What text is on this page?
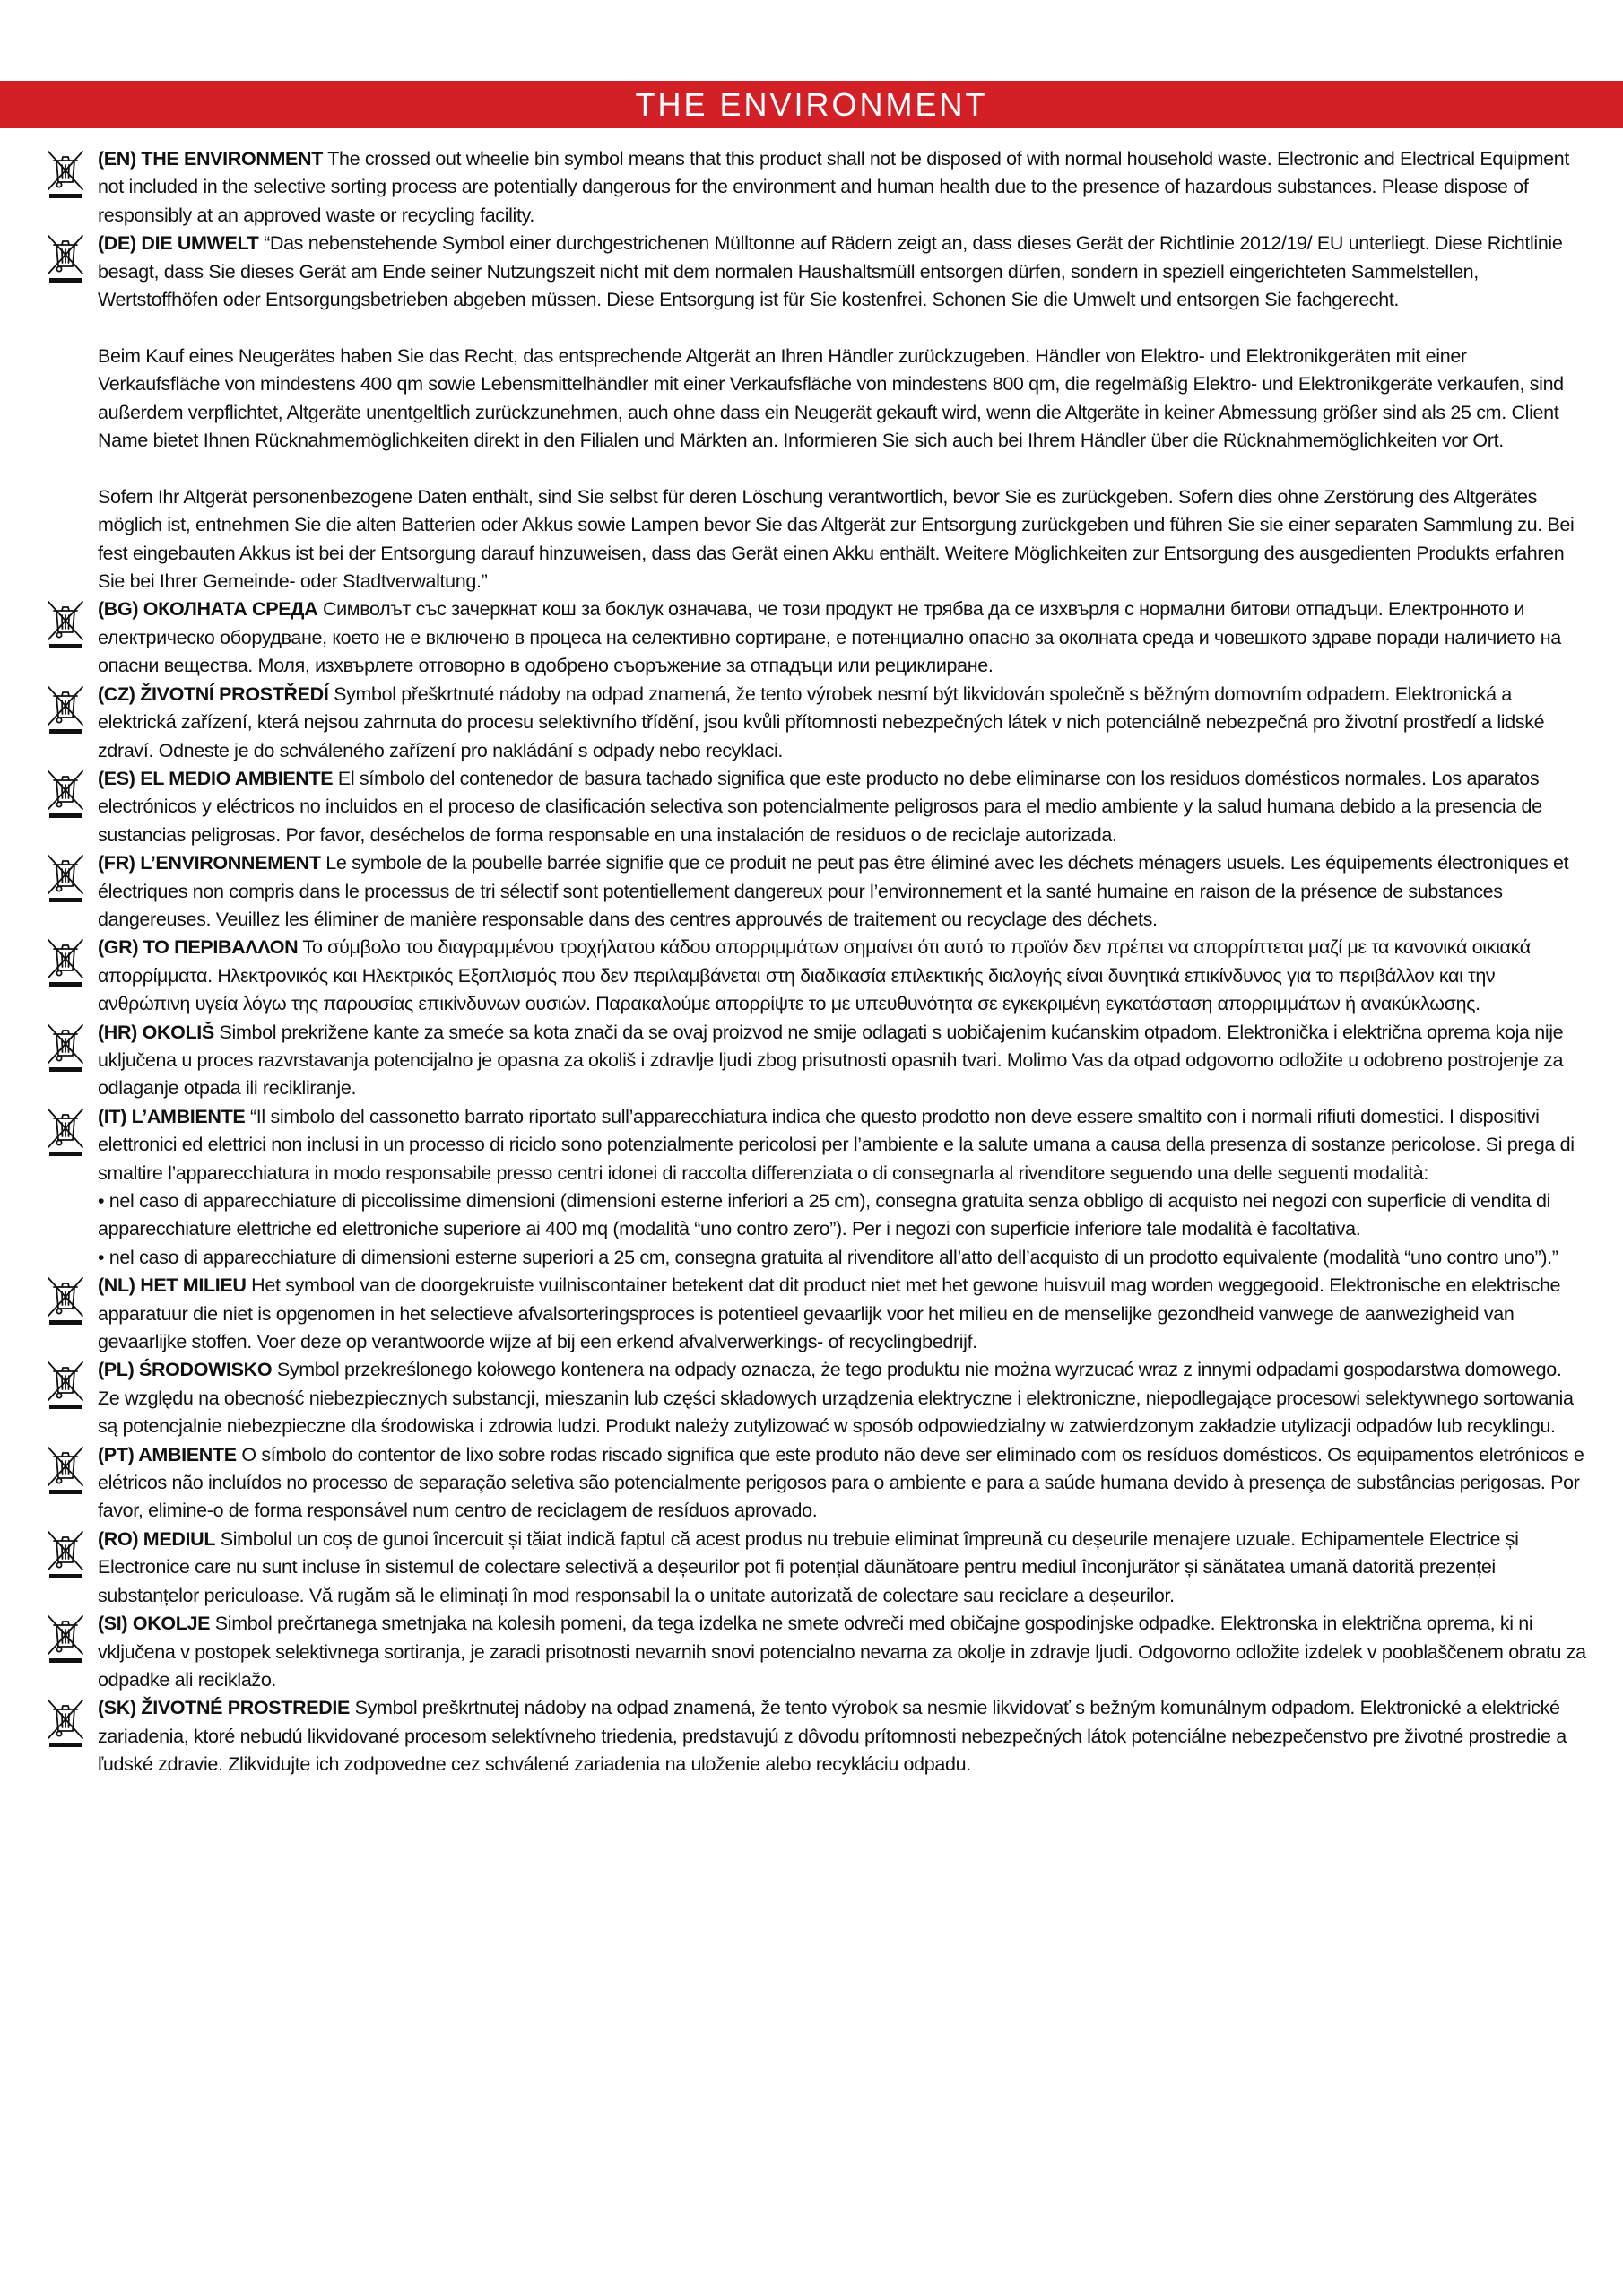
THE ENVIRONMENT

(EN) THE ENVIRONMENT The crossed out wheelie bin symbol means that this product shall not be disposed of with normal household waste. Electronic and Electrical Equipment not included in the selective sorting process are potentially dangerous for the environment and human health due to the presence of hazardous substances. Please dispose of responsibly at an approved waste or recycling facility.

(DE) DIE UMWELT “Das nebenstehende Symbol einer durchgestrichenen Mülltonne auf Rädern zeigt an, dass dieses Gerät der Richtlinie 2012/19/ EU unterliegt. Diese Richtlinie besagt, dass Sie dieses Gerät am Ende seiner Nutzungszeit nicht mit dem normalen Haushaltsmüll entsorgen dürfen, sondern in speziell eingerichteten Sammelstellen, Wertstoffhöfen oder Entsorgungsbetrieben abgeben müssen. Diese Entsorgung ist für Sie kostenfrei. Schonen Sie die Umwelt und entsorgen Sie fachgerecht.

Beim Kauf eines Neugerätes haben Sie das Recht, das entsprechende Altgerät an Ihren Händler zurückzugeben. Händler von Elektro- und Elektronikgeräten mit einer Verkaufsfläche von mindestens 400 qm sowie Lebensmittelhändler mit einer Verkaufsfläche von mindestens 800 qm, die regelmäßig Elektro- und Elektronikgeräte verkaufen, sind außerdem verpflichtet, Altgeräte unentgeltlich zurückzunehmen, auch ohne dass ein Neugerät gekauft wird, wenn die Altgeräte in keiner Abmessung größer sind als 25 cm. Client Name bietet Ihnen Rücknahmemöglichkeiten direkt in den Filialen und Märkten an. Informieren Sie sich auch bei Ihrem Händler über die Rücknahmemöglichkeiten vor Ort.

Sofern Ihr Altgerät personenbezogene Daten enthält, sind Sie selbst für deren Löschung verantwortlich, bevor Sie es zurückgeben. Sofern dies ohne Zerstörung des Altgerätes möglich ist, entnehmen Sie die alten Batterien oder Akkus sowie Lampen bevor Sie das Altgerät zur Entsorgung zurückgeben und führen Sie sie einer separaten Sammlung zu. Bei fest eingebauten Akkus ist bei der Entsorgung darauf hinzuweisen, dass das Gerät einen Akku enthält. Weitere Möglichkeiten zur Entsorgung des ausgedienten Produkts erfahren Sie bei Ihrer Gemeinde- oder Stadtverwaltung.”

(BG) ОКОЛНАТА СРЕДА Символът със зачеркнат кош за боклук означава, че този продукт не трябва да се изхвърля с нормални битови отпадъци. Електронното и електрическо оборудване, което не е включено в процеса на селективно сортиране, е потенциално опасно за околната среда и човешкото здраве поради наличието на опасни вещества. Моля, изхвърлете отговорно в одобрено съоръжение за отпадъци или рециклиране.

(CZ) ŽIVOTNÍ PROSTŘEDÍ Symbol přeškrtnuté nádoby na odpad znamená, že tento výrobek nesmí být likvidován společně s běžným domovním odpadem. Elektronická a elektrická zařízení, která nejsou zahrnuta do procesu selektivního třídění, jsou kvůli přítomnosti nebezpečných látek v nich potenciálně nebezpečná pro životní prostředí a lidské zdraví. Odneste je do schváleného zařízení pro nakládání s odpady nebo recyklaci.

(ES) EL MEDIO AMBIENTE El símbolo del contenedor de basura tachado significa que este producto no debe eliminarse con los residuos domésticos normales. Los aparatos electrónicos y eléctricos no incluidos en el proceso de clasificación selectiva son potencialmente peligrosos para el medio ambiente y la salud humana debido a la presencia de sustancias peligrosas. Por favor, deséchelos de forma responsable en una instalación de residuos o de reciclaje autorizada.

(FR) L’ENVIRONNEMENT Le symbole de la poubelle barrée signifie que ce produit ne peut pas être éliminé avec les déchets ménagers usuels. Les équipements électroniques et électriques non compris dans le processus de tri sélectif sont potentiellement dangereux pour l’environnement et la santé humaine en raison de la présence de substances dangereuses. Veuillez les éliminer de manière responsable dans des centres approuvés de traitement ou recyclage des déchets.

(GR) ΤΟ ΠΕΡΙΒΑΛΛΟΝ Το σύμβολο του διαγραμμένου τροχήλατου κάδου απορριμμάτων σημαίνει ότι αυτό το προϊόν δεν πρέπει να απορρίπτεται μαζί με τα κανονικά οικιακά απορρίμματα. Ηλεκτρονικός και Ηλεκτρικός Εξοπλισμός που δεν περιλαμβάνεται στη διαδικασία επιλεκτικής διαλογής είναι δυνητικά επικίνδυνος για το περιβάλλον και την ανθρώπινη υγεία λόγω της παρουσίας επικίνδυνων ουσιών. Παρακαλούμε απορρίψτε το με υπευθυνότητα σε εγκεκριμένη εγκατάσταση απορριμμάτων ή ανακύκλωσης.

(HR) OKOLIŠ Simbol prekrižene kante za smeće sa kota znači da se ovaj proizvod ne smije odlagati s uobičajenim kućanskim otpadom. Elektronička i električna oprema koja nije uključena u proces razvrstavanja potencijalno je opasna za okoliš i zdravlje ljudi zbog prisutnosti opasnih tvari. Molimo Vas da otpad odgovorno odložite u odobreno postrojenje za odlaganje otpada ili recikliranje.

(IT) L’AMBIENTE “Il simbolo del cassonetto barrato riportato sull’apparecchiatura indica che questo prodotto non deve essere smaltito con i normali rifiuti domestici. I dispositivi elettronici ed elettrici non inclusi in un processo di riciclo sono potenzialmente pericolosi per l’ambiente e la salute umana a causa della presenza di sostanze pericolose. Si prega di smaltire l’apparecchiatura in modo responsabile presso centri idonei di raccolta differenziata o di consegnarla al rivenditore seguendo una delle seguenti modalità:

• nel caso di apparecchiature di piccolissime dimensioni (dimensioni esterne inferiori a 25 cm), consegna gratuita senza obbligo di acquisto nei negozi con superficie di vendita di apparecchiature elettriche ed elettroniche superiore ai 400 mq (modalità “uno contro zero”). Per i negozi con superficie inferiore tale modalità è facoltativa.

• nel caso di apparecchiature di dimensioni esterne superiori a 25 cm, consegna gratuita al rivenditore all’atto dell’acquisto di un prodotto equivalente (modalità “uno contro uno”).”

(NL) HET MILIEU Het symbool van de doorgekruiste vuilniscontainer betekent dat dit product niet met het gewone huisvuil mag worden weggegooid. Elektronische en elektrische apparatuur die niet is opgenomen in het selectieve afvalsorteringsproces is potentieel gevaarlijk voor het milieu en de menselijke gezondheid vanwege de aanwezigheid van gevaarlijke stoffen. Voer deze op verantwoorde wijze af bij een erkend afvalverwerkings- of recyclingbedrijf.

(PL) ŚRODOWISKO Symbol przekreślonego kołowego kontenera na odpady oznacza, że tego produktu nie można wyrzucać wraz z innymi odpadami gospodarstwa domowego. Ze względu na obecność niebezpiecznych substancji, mieszanin lub części składowych urządzenia elektryczne i elektroniczne, niepodlegające procesowi selektywnego sortowania są potencjalnie niebezpieczne dla środowiska i zdrowia ludzi. Produkt należy zutylizować w sposób odpowiedzialny w zatwierdzonym zakładzie utylizacji odpadów lub recyklingu.

(PT) AMBIENTE O símbolo do contentor de lixo sobre rodas riscado significa que este produto não deve ser eliminado com os resíduos domésticos. Os equipamentos eletrónicos e elétricos não incluídos no processo de separação seletiva são potencialmente perigosos para o ambiente e para a saúde humana devido à presença de substâncias perigosas. Por favor, elimine-o de forma responsável num centro de reciclagem de resíduos aprovado.

(RO) MEDIUL Simbolul un coș de gunoi încercuit și tăiat indică faptul că acest produs nu trebuie eliminat împreună cu deșeurile menajere uzuale. Echipamentele Electrice și Electronice care nu sunt incluse în sistemul de colectare selectivă a deșeurilor pot fi potențial dăunătoare pentru mediul înconjurător și sănătatea umană datorită prezenței substanțelor periculoase. Vă rugăm să le eliminați în mod responsabil la o unitate autorizată de colectare sau reciclare a deșeurilor.

(SI) OKOLJE Simbol prečrtanega smetnjaka na kolesih pomeni, da tega izdelka ne smete odvreči med običajne gospodinjske odpadke. Elektronska in električna oprema, ki ni vključena v postopek selektivnega sortiranja, je zaradi prisotnosti nevarnih snovi potencialno nevarna za okolje in zdravje ljudi. Odgovorno odložite izdelek v pooblaščenem obratu za odpadke ali reciklažo.

(SK) ŽIVOTNÉ PROSTREDIE Symbol preškrtnutej nádoby na odpad znamená, že tento výrobok sa nesmie likvidovať s bežným komunálnym odpadom. Elektronické a elektrické zariadenia, ktoré nebudú likvidované procesom selektívneho triedenia, predstavujú z dôvodu prítomnosti nebezpečných látok potenciálne nebezpečenstvo pre životné prostredie a ľudské zdravie. Zlikvidujte ich zodpovedne cez schválené zariadenia na uloženie alebo recykláciu odpadu.
